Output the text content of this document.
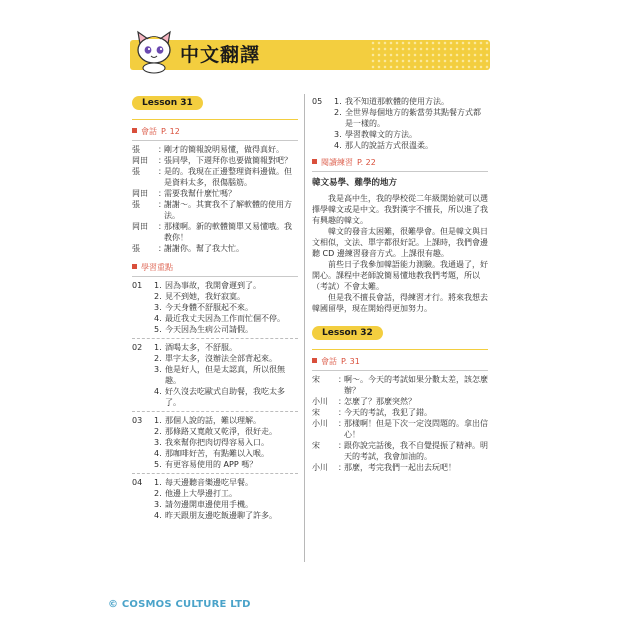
中文翻譯
Lesson 31
會話 P. 12
張	：
剛才的簡報說明易懂，做得真好。
岡田	：
張同學，下週拜你也要做簡報對吧？
張	：
是的。我現在正邊整理資料邊做。但是資料太多，很傷腦筋。
岡田	：
需要我幫什麼忙嗎？
張	：
謝謝〜。其實我不了解軟體的使用方法。
岡田	：
那樣啊。新的軟體簡單又易懂哦。我教你！
張	：
謝謝你。幫了我大忙。
學習重點
01	1. 因為事故，我開會遲到了。
2. 見不到她，我好寂寞。
3. 今天身體不舒服起不來。
4. 最近我丈夫因為工作而忙個不停。
5. 今天因為生病公司請假。
02	1. 酒喝太多，不舒服。
2. 單字太多，沒辦法全部背起來。
3. 他是好人，但是太認真，所以很無趣。
4. 好久沒去吃歐式自助餐，我吃太多了。
03	1. 那個人說的話，難以理解。
2. 那條路又寬敞又乾淨，很好走。
3. 我來幫你把肉切得容易入口。
4. 那咖啡好苦，有點難以入喉。
5. 有更容易使用的 APP 嗎？
04	1. 每天邊聽音樂邊吃早餐。
2. 他邊上大學邊打工。
3. 請勿邊開車邊使用手機。
4. 昨天跟朋友邊吃飯邊聊了許多。
05	1. 我不知道那軟體的使用方法。
2. 全世界每個地方的紫當勞其點餐方式都是一樣的。
3. 學習教韓文的方法。
4. 那人的說話方式很溫柔。
閱讀練習 P. 22
韓文易學、難學的地方

我是高中生，我的學校從二年級開始就可以選擇學韓文或是中文。我對漢字不擅長，所以進了我有興趣的韓文。

韓文的發音太困難，很難學會。但是韓文與日文相似，文法、單字都很好記。上課時，我們會邊聽 CD 邊練習發音方式。上課很有趣。

前些日子我參加韓語能力測驗。我通過了，好開心。課程中老師說簡易懂地教我們考題，所以（考試）不會太難。

但是我不擅長會話，得練習才行。將來我想去韓國留學，現在開始得更加努力。

Lesson 32
會話 P. 31
宋	：
啊〜。今天的考試如果分數太差，該怎麼辦？
小川	：
怎麼了？那麼突然？
宋	：
今天的考試，我犯了錯。
小川	：
那樣啊！但是下次一定沒問題的。拿出信心！
宋	：
跟你說完話後，我不自覺提振了精神。明天的考試，我會加油的。
小川	：
那麼，考完我們一起出去玩吧！
© COSMOS CULTURE LTD
